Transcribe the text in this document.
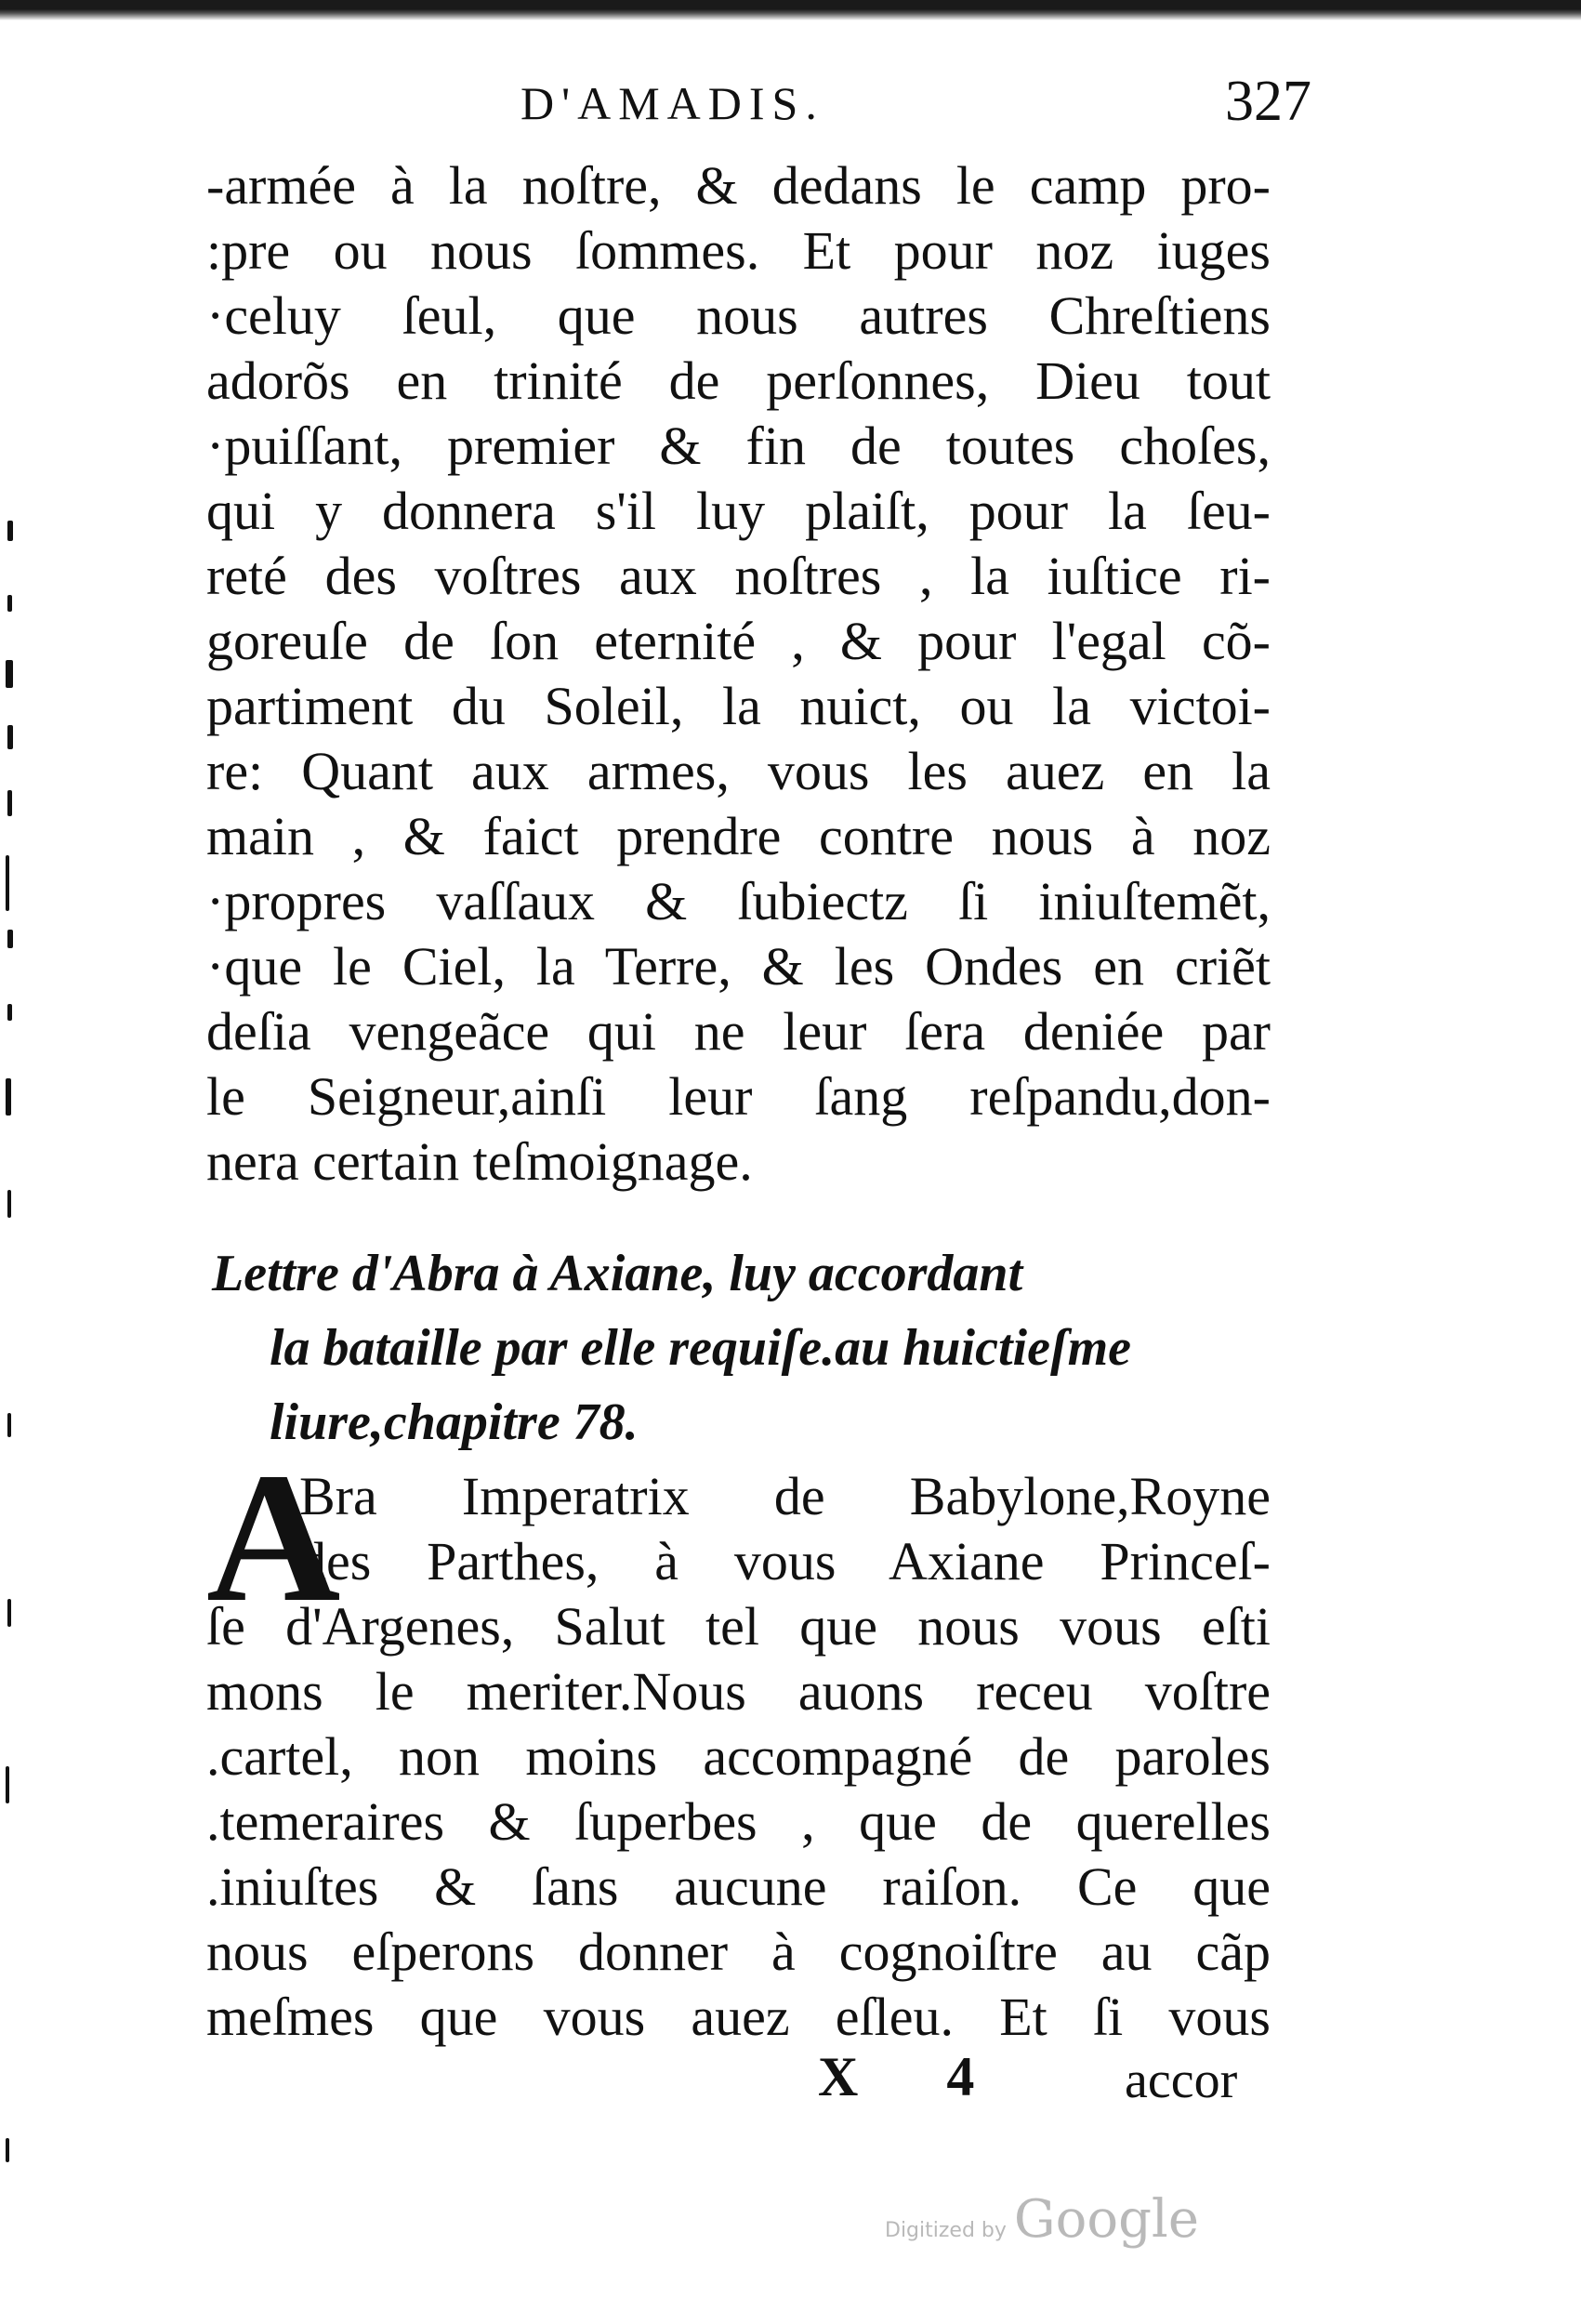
D'AMADIS.	327
-armée à la noſtre, & dedans le camp pro-
:pre ou nous ſommes. Et pour noz iuges
·celuy ſeul, que nous autres Chreſtiens
adorõs en trinité de perſonnes, Dieu tout
·puiſſant, premier & fin de toutes choſes,
qui y donnera s'il luy plaiſt, pour la ſeu-
reté des voſtres aux noſtres , la iuſtice ri-
goreuſe de ſon eternité , & pour l'egal cõ-
partiment du Soleil, la nuict, ou la victoi-
re: Quant aux armes, vous les auez en la
main , & faict prendre contre nous à noz
·propres vaſſaux & ſubiectz ſi iniuſtemẽt,
·que le Ciel, la Terre, & les Ondes en criẽt
deſia vengeãce qui ne leur ſera deniée par
le Seigneur,ainſi leur ſang reſpandu,don-
nera certain teſmoignage.
Lettre d'Abra à Axiane, luy accordant
la bataille par elle requiſe.au huictieſme
liure,chapitre 78.
A
Bra Imperatrix de Babylone,Royne
des Parthes, à vous Axiane Princeſ-
ſe d'Argenes, Salut tel que nous vous eſti
mons le meriter.Nous auons receu voſtre
.cartel, non moins accompagné de paroles
.temeraires & ſuperbes , que de querelles
.iniuſtes & ſans aucune raiſon. Ce que
nous eſperons donner à cognoiſtre au cãp
meſmes que vous auez eſleu. Et ſi vous
X 4 accor
Digitized by Google
